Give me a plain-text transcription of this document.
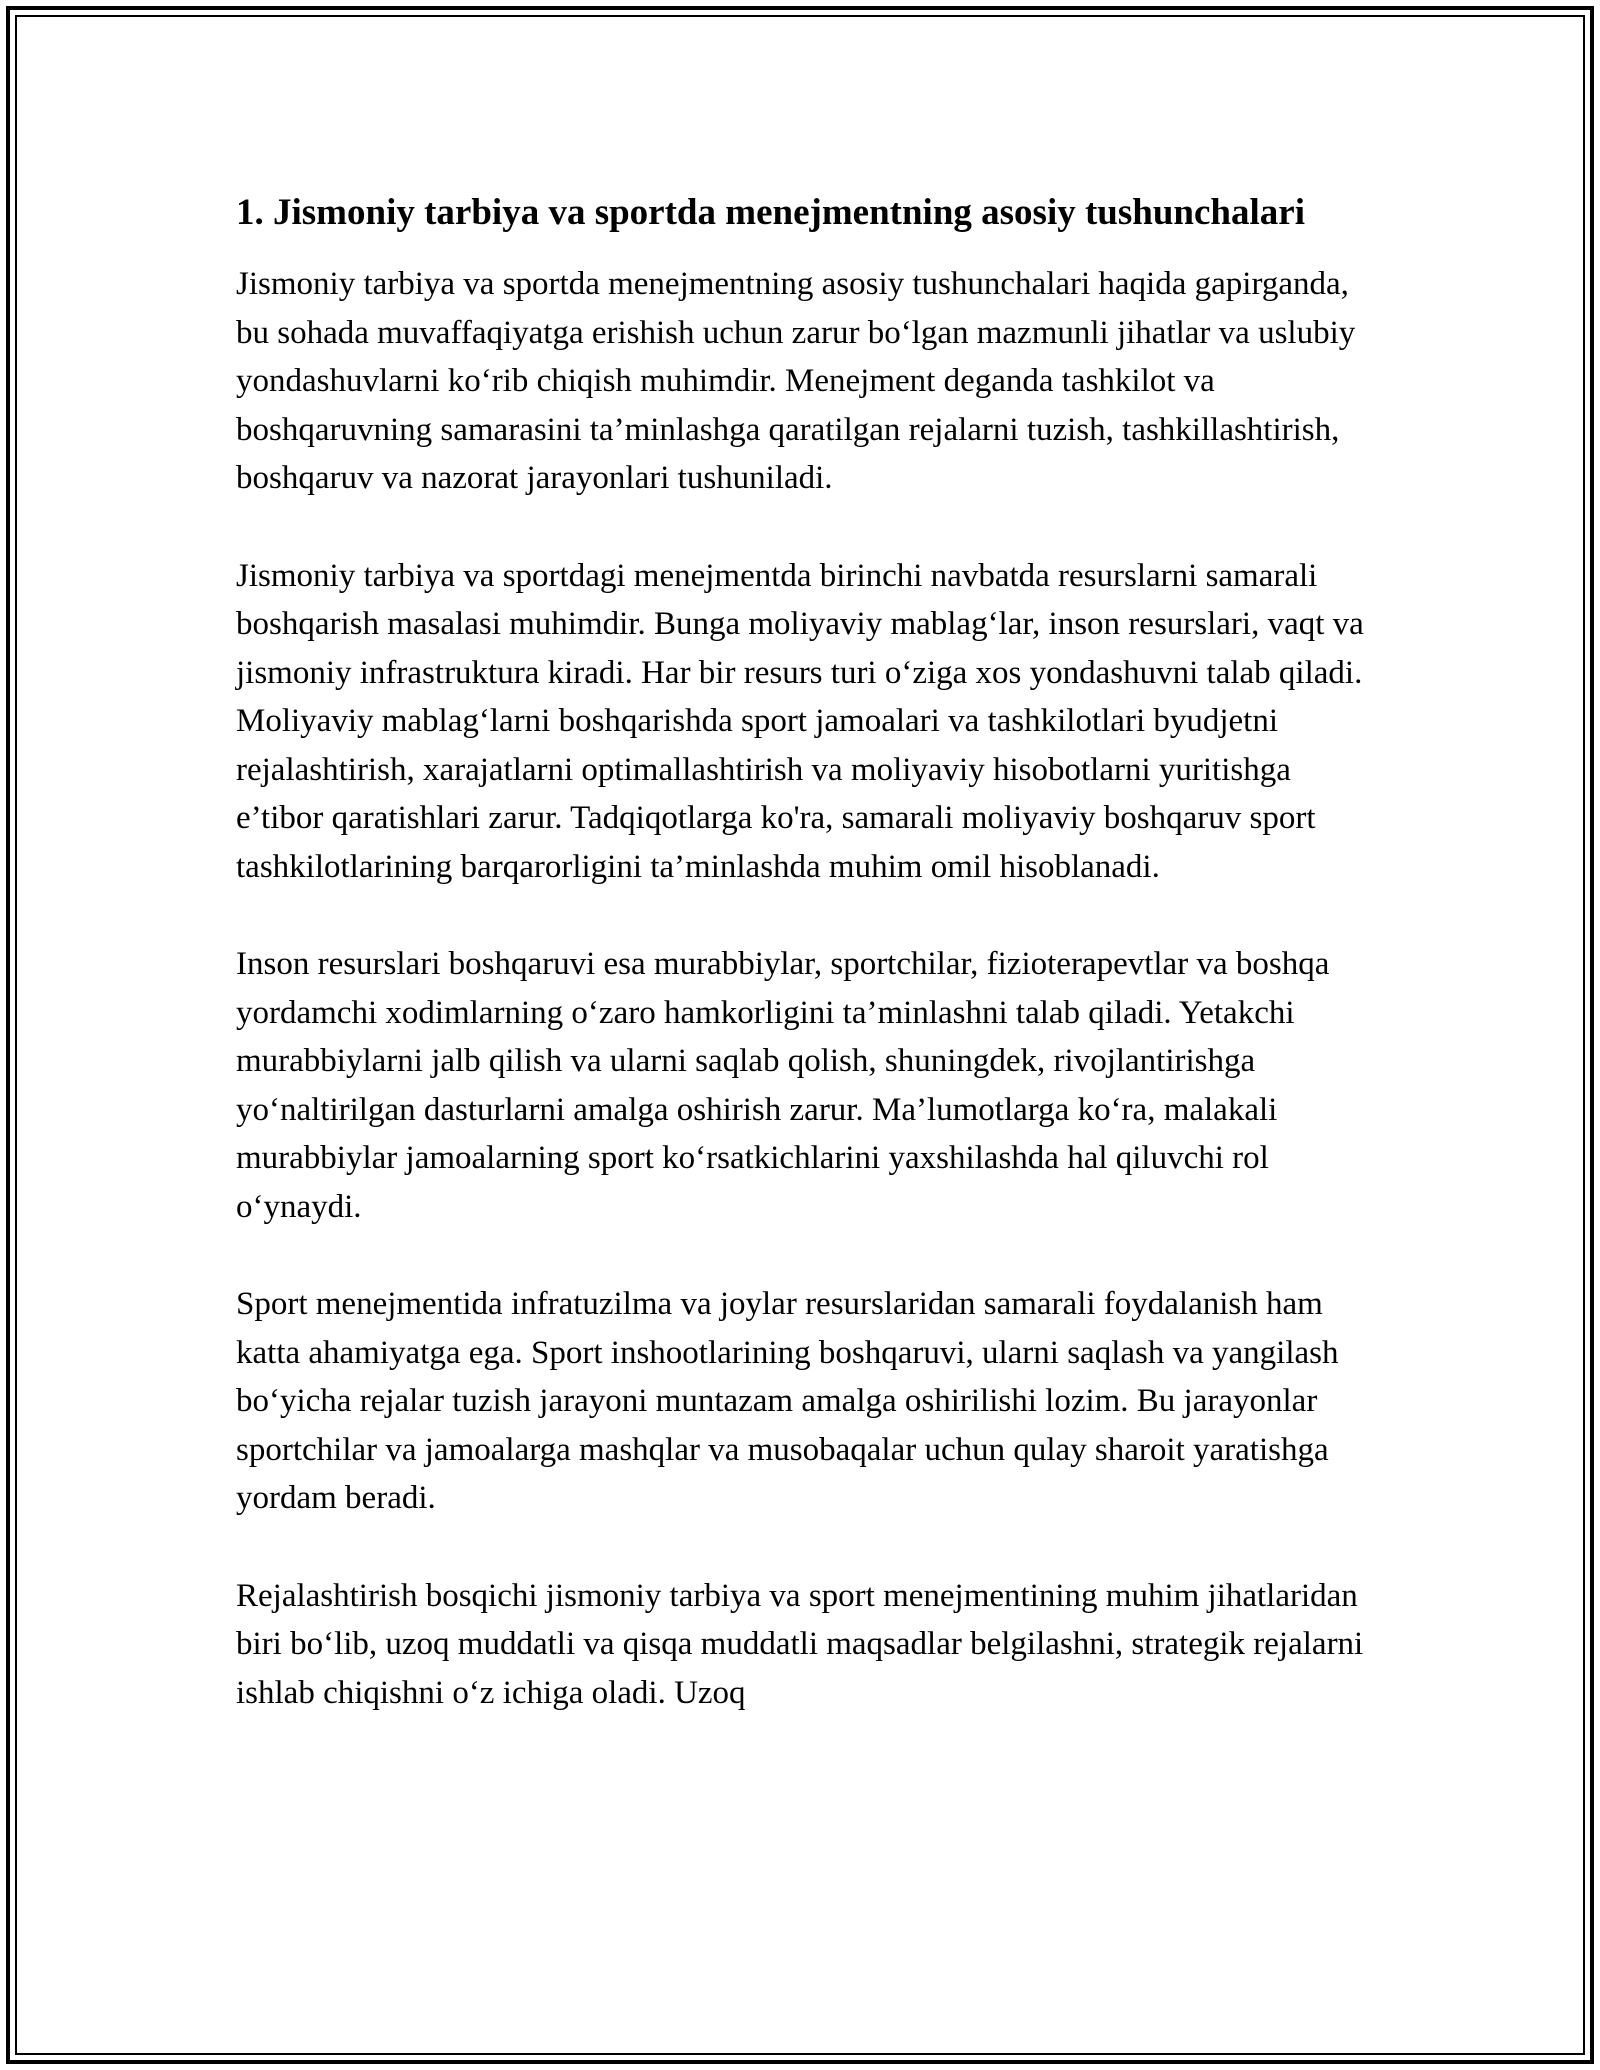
1. Jismoniy tarbiya va sportda menejmentning asosiy tushunchalari

Jismoniy tarbiya va sportda menejmentning asosiy tushunchalari haqida gapirganda, bu sohada muvaffaqiyatga erishish uchun zarur bo‘lgan mazmunli jihatlar va uslubiy yondashuvlarni ko‘rib chiqish muhimdir. Menejment deganda tashkilot va boshqaruvning samarasini ta’minlashga qaratilgan rejalarni tuzish, tashkillashtirish, boshqaruv va nazorat jarayonlari tushuniladi.

Jismoniy tarbiya va sportdagi menejmentda birinchi navbatda resurslarni samarali boshqarish masalasi muhimdir. Bunga moliyaviy mablag‘lar, inson resurslari, vaqt va jismoniy infrastruktura kiradi. Har bir resurs turi o‘ziga xos yondashuvni talab qiladi. Moliyaviy mablag‘larni boshqarishda sport jamoalari va tashkilotlari byudjetni rejalashtirish, xarajatlarni optimallashtirish va moliyaviy hisobotlarni yuritishga e’tibor qaratishlari zarur. Tadqiqotlarga ko'ra, samarali moliyaviy boshqaruv sport tashkilotlarining barqarorligini ta’minlashda muhim omil hisoblanadi.

Inson resurslari boshqaruvi esa murabbiylar, sportchilar, fizioterapevtlar va boshqa yordamchi xodimlarning o‘zaro hamkorligini ta’minlashni talab qiladi. Yetakchi murabbiylarni jalb qilish va ularni saqlab qolish, shuningdek, rivojlantirishga yo‘naltirilgan dasturlarni amalga oshirish zarur. Ma’lumotlarga ko‘ra, malakali murabbiylar jamoalarning sport ko‘rsatkichlarini yaxshilashda hal qiluvchi rol o‘ynaydi.

Sport menejmentida infratuzilma va joylar resurslaridan samarali foydalanish ham katta ahamiyatga ega. Sport inshootlarining boshqaruvi, ularni saqlash va yangilash bo‘yicha rejalar tuzish jarayoni muntazam amalga oshirilishi lozim. Bu jarayonlar sportchilar va jamoalarga mashqlar va musobaqalar uchun qulay sharoit yaratishga yordam beradi.

Rejalashtirish bosqichi jismoniy tarbiya va sport menejmentining muhim jihatlaridan biri bo‘lib, uzoq muddatli va qisqa muddatli maqsadlar belgilashni, strategik rejalarni ishlab chiqishni o‘z ichiga oladi. Uzoq
